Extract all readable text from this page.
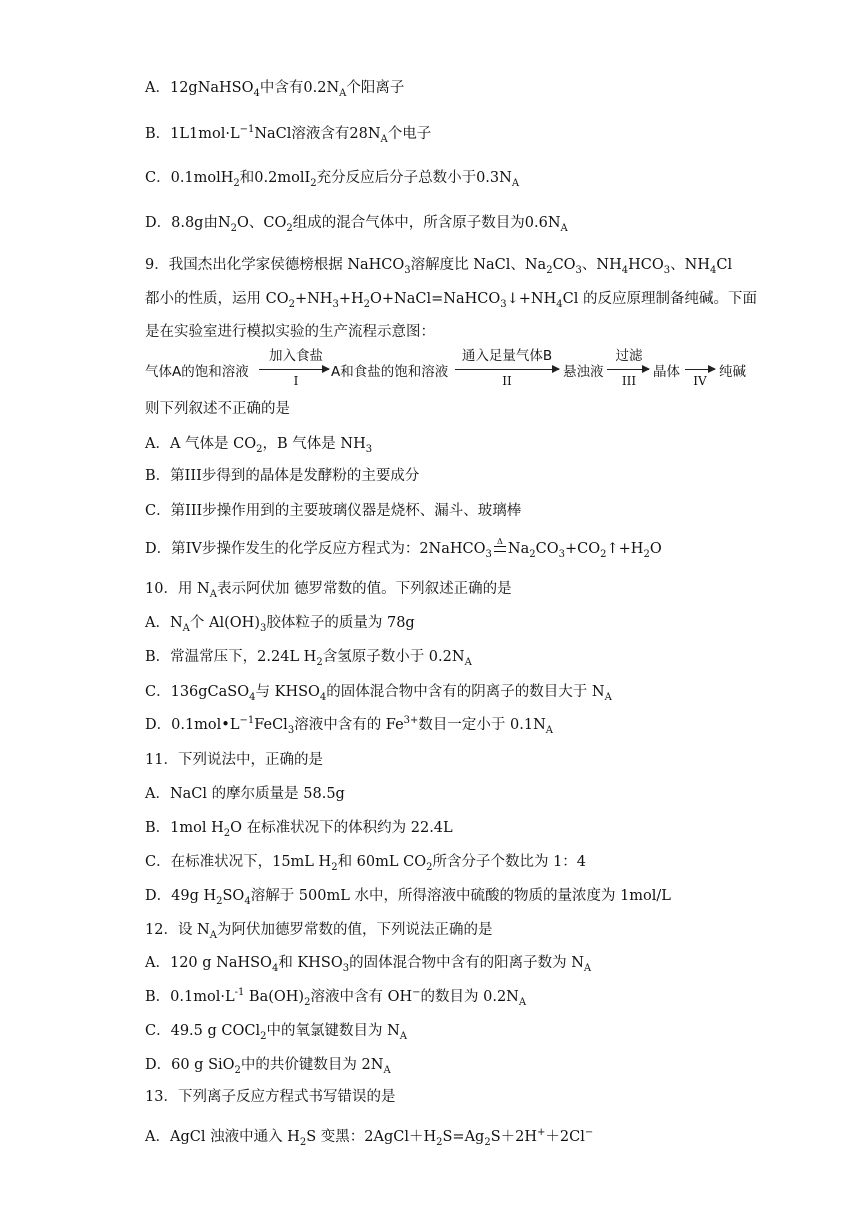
A．12gNaHSO$_4$中含有$0.2N_A$个阳离子
B．$1L1mol\cdot L^{-1}NaCl$溶液含有$28N_A$个电子
C．0.1molH$_2$和0.2molI$_2$充分反应后分子总数小于$0.3N_A$
D．8.8g由$N_2O$、$CO_2$组成的混合气体中，所含原子数目为$0.6N_A$
9．我国杰出化学家侯德榜根据 NaHCO$_3$溶解度比 NaCl、$Na_2CO_3$、$NH_4HCO_3$、$NH_4Cl$
都小的性质，运用 $CO_2+NH_3+H_2O+NaCl=NaHCO_3↓+NH_4Cl$ 的反应原理制备纯碱。下面
是在实验室进行模拟实验的生产流程示意图：
气体A的饱和溶液
加入食盐
I
A和食盐的饱和溶液
通入足量气体B
II
悬浊液
过滤
III
晶体
IV
纯碱
则下列叙述不正确的是
A．A 气体是 $CO_2$，B 气体是 $NH_3$
B．第III步得到的晶体是发酵粉的主要成分
C．第III步操作用到的主要玻璃仪器是烧杯、漏斗、玻璃棒
D．第IV步操作发生的化学反应方程式为：2NaHCO$_3$
Δ $Na_2CO_3+CO_2↑+H_2O$
10．用 $N_A$表示阿伏加 德罗常数的值。下列叙述正确的是
A．$N_A$个 $Al(OH)_3$胶体粒子的质量为 78g
B．常温常压下，2.24L $H_2$含氢原子数小于 $0.2N_A$
C．136gCaSO$_4$与 $KHSO_4$的固体混合物中含有的阴离子的数目大于 $N_A$
D．$0.1mol•L^{-1}FeCl_3$溶液中含有的 $Fe^{3+}$数目一定小于 $0.1N_A$
11．下列说法中，正确的是
A．NaCl 的摩尔质量是 58.5g
B．1mol $H_2O$ 在标准状况下的体积约为 22.4L
C．在标准状况下，15mL $H_2$和 60mL $CO_2$所含分子个数比为 1：4
D．49g $H_2SO_4$溶解于 500mL 水中，所得溶液中硫酸的物质的量浓度为 1mol/L
12．设 $N_A$为阿伏加德罗常数的值，下列说法正确的是
A．120 g NaHSO$_4$和 $KHSO_3$的固体混合物中含有的阳离子数为 $N_A$
B．$0.1mol\cdot L^{-1}$ $Ba(OH)_2$溶液中含有 OH−的数目为 $0.2N_A$
C．49.5 g COCl$_2$中的氧氯键数目为 $N_A$
D．60 g SiO$_2$中的共价键数目为 $2N_A$
13．下列离子反应方程式书写错误的是
A．AgCl 浊液中通入 $H_2S$ 变黑：$2AgCl+H_2S=Ag_2S+2H^++2Cl^-$
